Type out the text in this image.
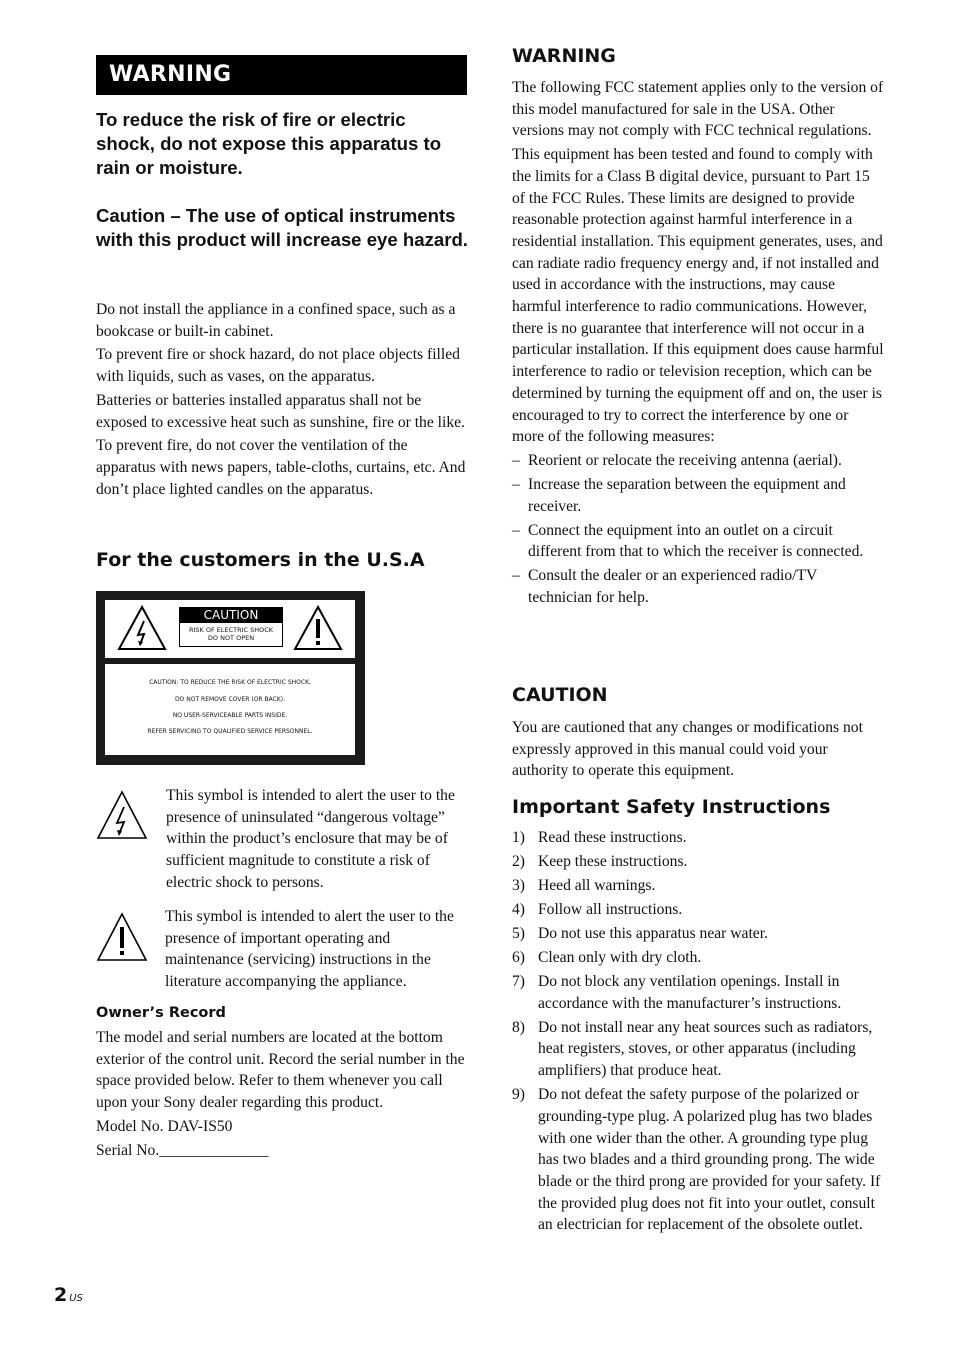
WARNING
To reduce the risk of fire or electric shock, do not expose this apparatus to rain or moisture.
Caution – The use of optical instruments with this product will increase eye hazard.

Do not install the appliance in a confined space, such as a bookcase or built-in cabinet.

To prevent fire or shock hazard, do not place objects filled with liquids, such as vases, on the apparatus.

Batteries or batteries installed apparatus shall not be exposed to excessive heat such as sunshine, fire or the like.

To prevent fire, do not cover the ventilation of the apparatus with news papers, table-cloths, curtains, etc. And don’t place lighted candles on the apparatus.

For the customers in the U.S.A
CAUTION
RISK OF ELECTRIC SHOCK
DO NOT OPEN
CAUTION: TO REDUCE THE RISK OF ELECTRIC SHOCK,
DO NOT REMOVE COVER (OR BACK).
NO USER-SERVICEABLE PARTS INSIDE.
REFER SERVICING TO QUALIFIED SERVICE PERSONNEL.
This symbol is intended to alert the user to the presence of uninsulated “dangerous voltage” within the product’s enclosure that may be of sufficient magnitude to constitute a risk of electric shock to persons.
This symbol is intended to alert the user to the presence of important operating and maintenance (servicing) instructions in the literature accompanying the appliance.
Owner’s Record

The model and serial numbers are located at the bottom exterior of the control unit. Record the serial number in the space provided below. Refer to them whenever you call upon your Sony dealer regarding this product.

Model No. DAV-IS50

Serial No.______________

WARNING

The following FCC statement applies only to the version of this model manufactured for sale in the USA. Other versions may not comply with FCC technical regulations.

This equipment has been tested and found to comply with the limits for a Class B digital device, pursuant to Part 15 of the FCC Rules. These limits are designed to provide reasonable protection against harmful interference in a residential installation. This equipment generates, uses, and can radiate radio frequency energy and, if not installed and used in accordance with the instructions, may cause harmful interference to radio communications. However, there is no guarantee that interference will not occur in a particular installation. If this equipment does cause harmful interference to radio or television reception, which can be determined by turning the equipment off and on, the user is encouraged to try to correct the interference by one or more of the following measures:

– Reorient or relocate the receiving antenna (aerial).
– Increase the separation between the equipment and receiver.
– Connect the equipment into an outlet on a circuit different from that to which the receiver is connected.
– Consult the dealer or an experienced radio/TV technician for help.
CAUTION
You are cautioned that any changes or modifications not expressly approved in this manual could void your authority to operate this equipment.
Important Safety Instructions
1) Read these instructions.
2) Keep these instructions.
3) Heed all warnings.
4) Follow all instructions.
5) Do not use this apparatus near water.
6) Clean only with dry cloth.
7) Do not block any ventilation openings. Install in accordance with the manufacturer’s instructions.
8) Do not install near any heat sources such as radiators, heat registers, stoves, or other apparatus (including amplifiers) that produce heat.
9) Do not defeat the safety purpose of the polarized or grounding-type plug. A polarized plug has two blades with one wider than the other. A grounding type plug has two blades and a third grounding prong. The wide blade or the third prong are provided for your safety. If the provided plug does not fit into your outlet, consult an electrician for replacement of the obsolete outlet.
2 US
